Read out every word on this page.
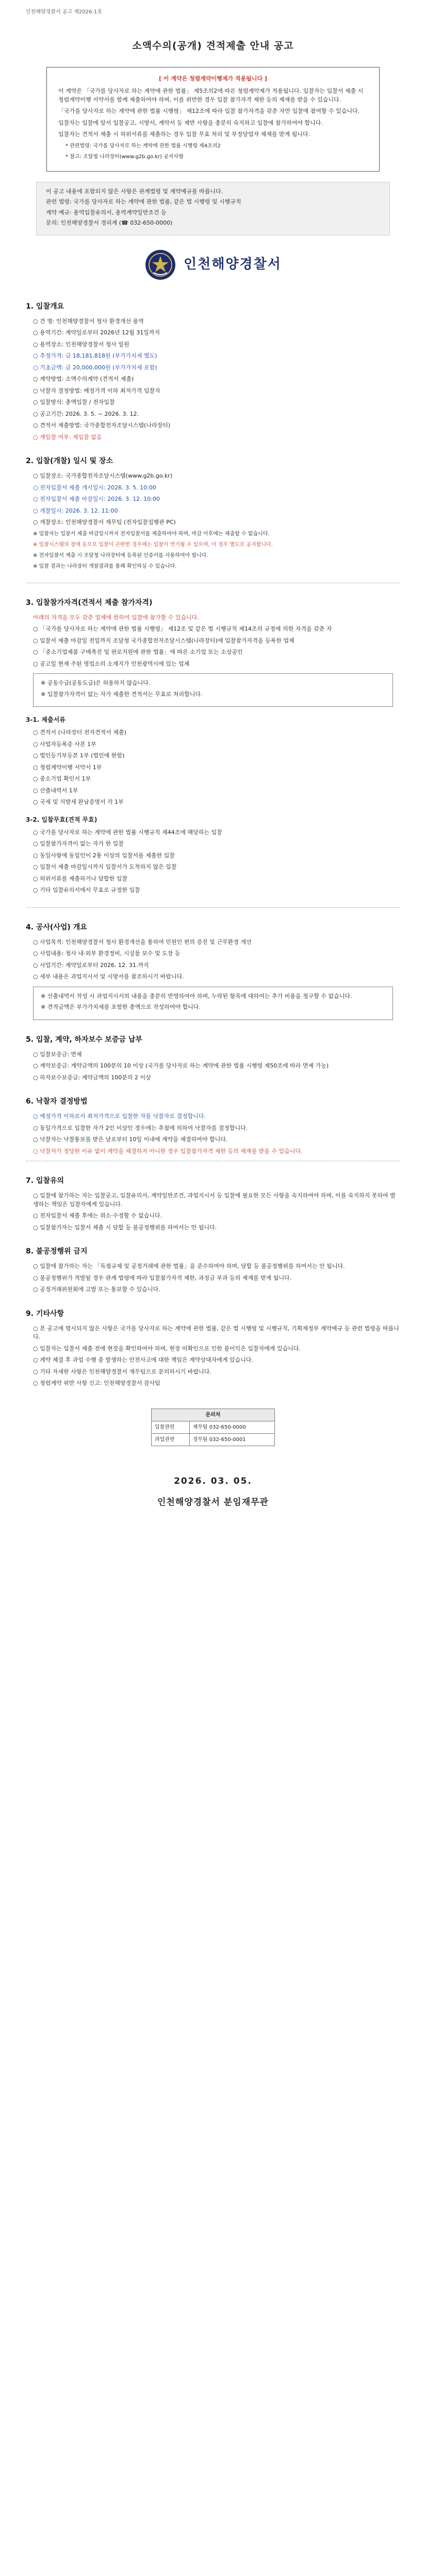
인천해양경찰서 공고 제2026-1호
소액수의(공개) 견적제출 안내 공고
[ 이 계약은 청렴계약이행제가 적용됩니다 ]

이 계약은 「국가를 당사자로 하는 계약에 관한 법률」 제5조의2에 따른 청렴계약제가 적용됩니다. 입찰자는 입찰서 제출 시 청렴계약이행 서약서를 함께 제출하여야 하며, 이를 위반한 경우 입찰 참가자격 제한 등의 제재를 받을 수 있습니다.

「국가를 당사자로 하는 계약에 관한 법률 시행령」 제12조에 따라 입찰 참가자격을 갖춘 자만 입찰에 참여할 수 있습니다.

입찰자는 입찰에 앞서 입찰공고, 시방서, 계약서 등 제반 사항을 충분히 숙지하고 입찰에 참가하여야 합니다.

입찰자는 견적서 제출 시 허위서류를 제출하는 경우 입찰 무효 처리 및 부정당업자 제재를 받게 됩니다.

* 관련법령: 국가를 당사자로 하는 계약에 관한 법률 시행령 제4조의2

* 참고: 조달청 나라장터(www.g2b.go.kr) 공지사항

이 공고 내용에 포함되지 않은 사항은 관계법령 및 계약예규를 따릅니다.

관련 법령: 국가를 당사자로 하는 계약에 관한 법률, 같은 법 시행령 및 시행규칙

계약 예규: 용역입찰유의서, 용역계약일반조건 등

문의: 인천해양경찰서 경리계 (☎ 032-650-0000)

인천해양경찰서
1. 입찰개요
○ 건 명: 인천해양경찰서 청사 환경개선 용역
○ 용역기간: 계약일로부터 2026년 12월 31일까지
○ 용역장소: 인천해양경찰서 청사 일원
○ 추정가격: 금 18,181,818원 (부가가치세 별도)
○ 기초금액: 금 20,000,000원 (부가가치세 포함)
○ 계약방법: 소액수의계약 (견적서 제출)
○ 낙찰자 결정방법: 예정가격 이하 최저가격 입찰자
○ 입찰방식: 총액입찰 / 전자입찰
○ 공고기간: 2026. 3. 5. ~ 2026. 3. 12.
○ 견적서 제출방법: 국가종합전자조달시스템(나라장터)
○ 재입찰 여부: 재입찰 없음
2. 입찰(개찰) 일시 및 장소
○ 입찰장소: 국가종합전자조달시스템(www.g2b.go.kr)
○ 전자입찰서 제출 개시일시: 2026. 3. 5. 10:00
○ 전자입찰서 제출 마감일시: 2026. 3. 12. 10:00
○ 개찰일시: 2026. 3. 12. 11:00
○ 개찰장소: 인천해양경찰서 재무팀 (전자입찰집행관 PC)
※ 입찰자는 입찰서 제출 마감일시까지 전자입찰서를 제출하여야 하며, 마감 이후에는 제출할 수 없습니다.
※ 입찰시스템의 장애 등으로 입찰이 곤란한 경우에는 입찰이 연기될 수 있으며, 이 경우 별도로 공지합니다.
※ 전자입찰서 제출 시 조달청 나라장터에 등록된 인증서를 사용하여야 합니다.
※ 입찰 결과는 나라장터 개찰결과를 통해 확인하실 수 있습니다.
3. 입찰참가자격(견적서 제출 참가자격)
아래의 자격을 모두 갖춘 업체에 한하여 입찰에 참가할 수 있습니다.
○ 「국가를 당사자로 하는 계약에 관한 법률 시행령」 제12조 및 같은 법 시행규칙 제14조의 규정에 의한 자격을 갖춘 자
○ 입찰서 제출 마감일 전일까지 조달청 국가종합전자조달시스템(나라장터)에 입찰참가자격을 등록한 업체
○ 「중소기업제품 구매촉진 및 판로지원에 관한 법률」에 따른 소기업 또는 소상공인
○ 공고일 현재 주된 영업소의 소재지가 인천광역시에 있는 업체

※ 공동수급(공동도급)은 허용하지 않습니다.

※ 입찰참가자격이 없는 자가 제출한 견적서는 무효로 처리합니다.

3-1. 제출서류
○ 견적서 (나라장터 전자견적서 제출)
○ 사업자등록증 사본 1부
○ 법인등기부등본 1부 (법인에 한함)
○ 청렴계약이행 서약서 1부
○ 중소기업 확인서 1부
○ 산출내역서 1부
○ 국세 및 지방세 완납증명서 각 1부
3-2. 입찰무효(견적 무효)
○ 국가를 당사자로 하는 계약에 관한 법률 시행규칙 제44조에 해당하는 입찰
○ 입찰참가자격이 없는 자가 한 입찰
○ 동일사항에 동일인이 2통 이상의 입찰서를 제출한 입찰
○ 입찰서 제출 마감일시까지 입찰서가 도착하지 않은 입찰
○ 허위서류를 제출하거나 담합한 입찰
○ 기타 입찰유의서에서 무효로 규정한 입찰
4. 공사(사업) 개요
○ 사업목적: 인천해양경찰서 청사 환경개선을 통하여 민원인 편의 증진 및 근무환경 개선
○ 사업내용: 청사 내·외부 환경정비, 시설물 보수 및 도장 등
○ 사업기간: 계약일로부터 2026. 12. 31.까지
○ 세부 내용은 과업지시서 및 시방서를 참조하시기 바랍니다.

※ 산출내역서 작성 시 과업지시서의 내용을 충분히 반영하여야 하며, 누락된 항목에 대하여는 추가 비용을 청구할 수 없습니다.

※ 견적금액은 부가가치세를 포함한 총액으로 작성하여야 합니다.

5. 입찰, 계약, 하자보수 보증금 납부
○ 입찰보증금: 면제
○ 계약보증금: 계약금액의 100분의 10 이상 (국가를 당사자로 하는 계약에 관한 법률 시행령 제50조에 따라 면제 가능)
○ 하자보수보증금: 계약금액의 100분의 2 이상
6. 낙찰자 결정방법
○ 예정가격 이하로서 최저가격으로 입찰한 자를 낙찰자로 결정합니다.
○ 동일가격으로 입찰한 자가 2인 이상인 경우에는 추첨에 의하여 낙찰자를 결정합니다.
○ 낙찰자는 낙찰통보를 받은 날로부터 10일 이내에 계약을 체결하여야 합니다.
○ 낙찰자가 정당한 이유 없이 계약을 체결하지 아니한 경우 입찰참가자격 제한 등의 제재를 받을 수 있습니다.
7. 입찰유의
○ 입찰에 참가하는 자는 입찰공고, 입찰유의서, 계약일반조건, 과업지시서 등 입찰에 필요한 모든 사항을 숙지하여야 하며, 이를 숙지하지 못하여 발생하는 책임은 입찰자에게 있습니다.
○ 전자입찰서 제출 후에는 취소·수정할 수 없습니다.
○ 입찰참가자는 입찰서 제출 시 담합 등 불공정행위를 하여서는 안 됩니다.
8. 불공정행위 금지
○ 입찰에 참가하는 자는 「독점규제 및 공정거래에 관한 법률」을 준수하여야 하며, 담합 등 불공정행위를 하여서는 안 됩니다.
○ 불공정행위가 적발될 경우 관계 법령에 따라 입찰참가자격 제한, 과징금 부과 등의 제재를 받게 됩니다.
○ 공정거래위원회에 고발 또는 통보할 수 있습니다.
9. 기타사항
○ 본 공고에 명시되지 않은 사항은 국가를 당사자로 하는 계약에 관한 법률, 같은 법 시행령 및 시행규칙, 기획재정부 계약예규 등 관련 법령을 따릅니다.
○ 입찰자는 입찰서 제출 전에 현장을 확인하여야 하며, 현장 미확인으로 인한 불이익은 입찰자에게 있습니다.
○ 계약 체결 후 과업 수행 중 발생하는 안전사고에 대한 책임은 계약상대자에게 있습니다.
○ 기타 자세한 사항은 인천해양경찰서 재무팀으로 문의하시기 바랍니다.
○ 청렴계약 위반 사항 신고: 인천해양경찰서 감사팀
문의처	
입찰관련	재무팀 032-650-0000
과업관련	경무팀 032-650-0001
2026. 03. 05.
인천해양경찰서 분임재무관
